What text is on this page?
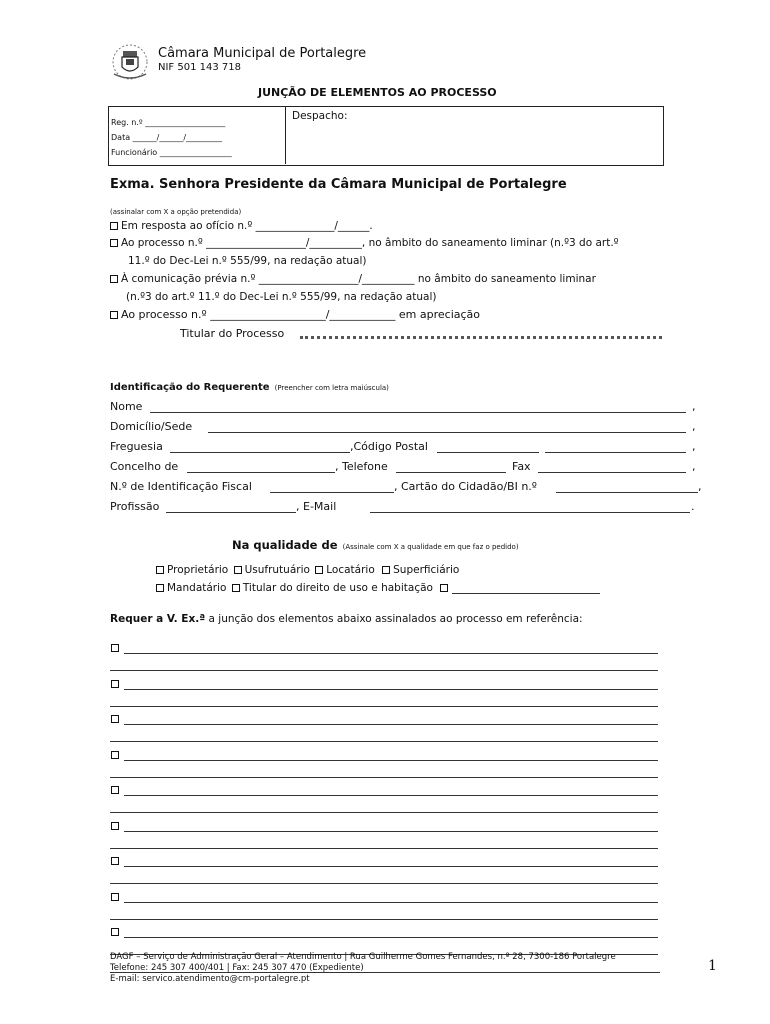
Câmara Municipal de Portalegre
NIF 501 143 718
JUNÇÃO DE ELEMENTOS AO PROCESSO
Reg. n.º ____________________
Data ______/______/_________
Funcionário __________________
Despacho:
Exma. Senhora Presidente da Câmara Municipal de Portalegre
(assinalar com X a opção pretendida)
Em resposta ao ofício n.º _______________/______.
Ao processo n.º ___________________/__________, no âmbito do saneamento liminar (n.º3 do art.º
11.º do Dec-Lei n.º 555/99, na redação atual)
À comunicação prévia n.º ___________________/__________ no âmbito do saneamento liminar
(n.º3 do art.º 11.º do Dec-Lei n.º 555/99, na redação atual)
Ao processo n.º _____________________/____________ em apreciação
Titular do Processo
Identificação do Requerente (Preencher com letra maiúscula)
Nome	,
Domicílio/Sede	,
Freguesia	,Código Postal	,
Concelho de	, Telefone	Fax	,
N.º de Identificação Fiscal	, Cartão do Cidadão/BI n.º	,
Profissão	, E-Mail	.
Na qualidade de (Assinale com X a qualidade em que faz o pedido)
Proprietário Usufrutuário Locatário Superficiário
Mandatário Titular do direito de uso e habitação
Requer a V. Ex.ª a junção dos elementos abaixo assinalados ao processo em referência:
DAGF – Serviço de Administração Geral – Atendimento | Rua Guilherme Gomes Fernandes, n.º 28, 7300-186 Portalegre
Telefone: 245 307 400/401 | Fax: 245 307 470 (Expediente)
E-mail: servico.atendimento@cm-portalegre.pt
1
